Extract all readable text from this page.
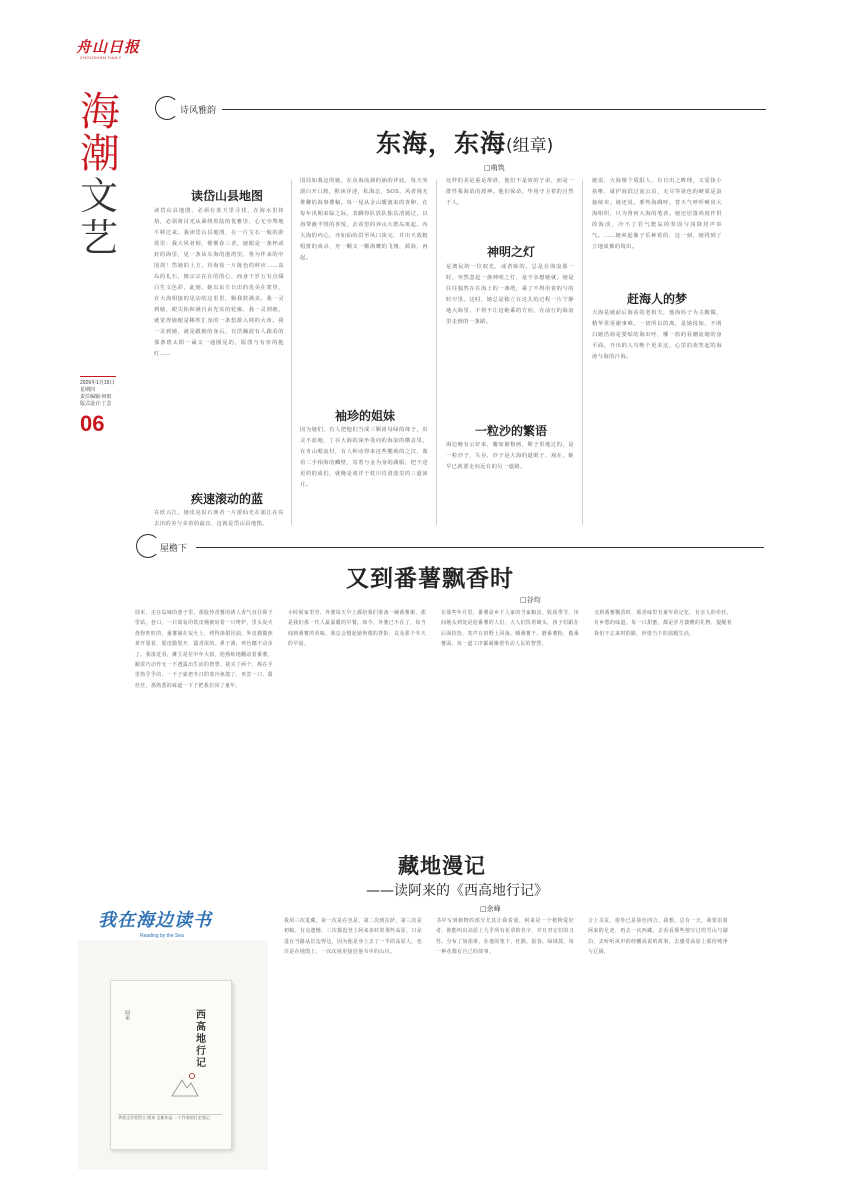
舟山日报
ZHOUSHAN DAILY
海
潮
文
艺
2026年1月15日
星期四
责任编辑:何雨
版式设计:丁芸
06
诗风雅韵
东海，东海 (组章)
□萌筑
读岱山县地图
读岱山县地图，必须在蓝天里寻找，在海水里抹拾，必须将目光从紧绕着陆的优雅里，心无旁骛地平移过来。我读岱山县地图，在一片宝石一般的蔚蓝里：我大风者相，惬惬春三者，她眼是一条枰或好的海里，见一条从车海的港湾里，鲁为伴来的中国剑！岱她的上方，待海盐一片陈色的秤应……高岛的礼石，像宗宗在在的的心，而身千岁万有点缀白生文色彩，此刻，她以东方日出的优美在蒙里，在大海相接的见动的这里里，赐我鼓满美。我一灵到她，眼尖拓和满自由光实的轮廓，我一灵到她，就觉得她便是稀姓汇身的一条悠游入网的大鱼。我一灵到她，就是跟她的身后，有浩瀚波有人跟看的那条碧太阳一诵又一通圈见的，版图与有价的抱红……
疾速滚动的蓝
在欣兴江，她皮亮沿石渔者一片游仙光在浦江在东去出的美与美着的最宜，这就是岱山县地图。
国局如我这的她，在东海流淌的涵的详底，每天突滚白开口渡，默读详述，私海志，SOS，风者漫无堆聊的海事叠稿。每一尾从金山暖渡来的青卵，在每年汛期来临之际，表聊得队放队独具清骑过，以海带截半毁的喜悦，去看望的奔山大群岛寓起。内大海的内心，亦如仙的洪至风口谈完，并出天敌粗唱排的戏录，舟一颗又一颗海鹰的飞翔，源海，再起。
袖珍的姐妹
因为她们，有人把他们当成三颗祖母绿的珠子，出灵不蓝地，丁在大海的深坐曼向的海浪的横盖里。在舟山嗯流村，有人种动得来这些腮观的之汉，离看二手相海的鳞壁，寄着与金为身的湖服，把不送更的的成们，就晚是谈洋于枕川肖清波里的三道沛月。
这样的美是重是帮谁，他们不是效的子弟，而是一群性我海消的渡神。他们保命，毕用守卫着的自然于人。
神明之灯
是澳民的一位权光，或者贴的。总是在海浪那一时，突然忽起一盏神明之灯，是不亲想她就。她是往往独然存在海上的一盏塔，乘了不得用着的与的时空里。这时，她总是独立在这儿的过程一片宁静地大海里，不得不让这她乘的方向，在前行的海浪里走到的一条路。
一粒沙的繁语
海边晚有云好来，瓣如被格画，斯子里地过的，是一粒沙子，失存，沙子是大海的道眼子，观在，她早已就要走向远在的另一道路。
她说，大海像个质阳人，有日出之眸理，又爱执小执唯，咸护海滨过流公泊，无尽等第色的硬质是浪接续牵。她还说，邪些海碉呼，替天气呼吁唤出大海组织，只为肾何大海的笔者。她还居落尚度作供的海淡，冷不了若气能岛的参国与浅降居声奉气。……她爽起像子乐种着的，这一刻，她找到了立地成佛的境出。
赶海人的梦
大海是她前后海看的老姐夫，他海妈子为主酸做，精华常更谢事难。一切所以的离，是她说如，不明白她浩海是要贴的海出呼，哪一篮的看潮流她的身平面，开出的人鸟唯个更美这，心里的欢笑起的海涛与海的汁海。
屋檐下
又到番薯飘香时
□谷均
周末，走在岛城的巷子里，那股悖香薯的诱人香气直往鼻子里钻。巷口，一只简易的铁皮桶被肩着一只烤炉，里头炭火烧得旺旺的，番薯铺在炭火上，烤得渗甜冒油，外皮微微焦黄开裂着，那皮膜裂开，露香浓的。鼻子酒，再也挪不动步了。我凑近看，摊主是位中年大叔，他熟练地翻动着番薯，跟乖巧动作无一不透露出生活的智慧。我买了两个，捧在手里热乎乎的，一下子就把冬日的寒冷驱散了，再尝一口，甜丝丝，那熟悉的味道一下子把我拉回了童年。
小时候家里穷，外婆每天早上都给我们准备一碗番薯粥，那是我们那一代人最温暖的早餐。如今，外婆已不在了，每当闻到番薯的香味，我总会想起她佝偻的背影，以及那个冬天的早晨。
在那些年月里，番薯是乡下人家的当家粮食。收获季节，田间地头到处是挖番薯的人们，大人们挥着锄头，孩子们跟在后面捡拾，笑声在田野上回荡。晒番薯干、磨番薯粉、做番薯面，每一道工序都凝聚着劳动人民的智慧。
又到番薯飘香时，那香味里有童年的记忆，有亲人的牵挂，有乡愁的味道。每一口甜蜜，都是岁月馈赠的礼物，提醒着我们不忘来时的路，珍惜当下的温暖生活。
藏地漫记
——读阿来的《西高地行记》
□余峰
我在海边读书
Reading by the Sea
西高地行记
阿来
茅盾文学奖得主 阿来 全新作品 一个作家的行走笔记
我用三次进藏。第一次是在也是，第二次到拉萨，第三次是初稿。有点遗憾，三次都没登上阿来多时的那些高原，只是进在当路从长边得边，因为他是身上去了一半的高原人，也许是在地图上，一次次地更接近他书中的山川。
书中写到植物的部分尤其让我着迷。阿来是一个植物爱好者，他能叫出高原上几乎所有花草的名字，并且对它们的习性、分布了如指掌。在他的笔下，杜鹃、报春、绿绒蒿，每一种花都有自己的故事。
合上书页，窗外已是暮色四合。我想，总有一天，我要沿着阿来的足迹，再去一次西藏，去看看那些他写过的雪山与湖泊，去听听风中的经幡诉说的故事，去感受高原上那份纯净与辽阔。
